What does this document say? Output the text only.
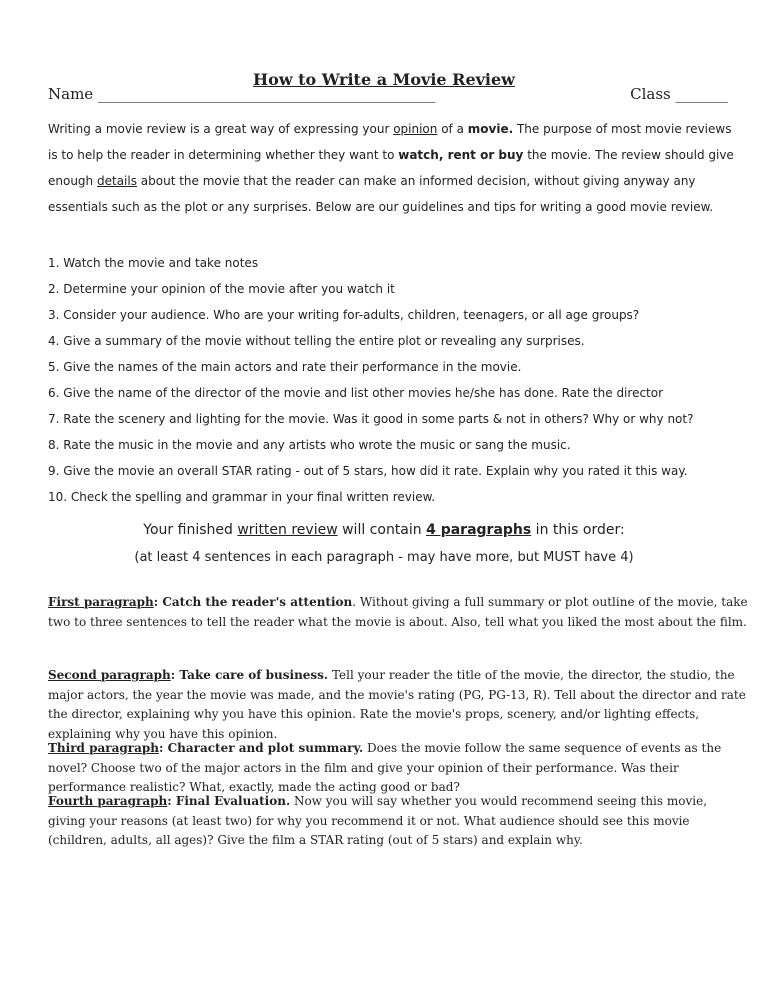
How to Write a Movie Review
Name _____________________________________________	Class _______
Writing a movie review is a great way of expressing your opinion of a movie. The purpose of most movie reviews is to help the reader in determining whether they want to watch, rent or buy the movie. The review should give enough details about the movie that the reader can make an informed decision, without giving anyway any essentials such as the plot or any surprises. Below are our guidelines and tips for writing a good movie review.
1. Watch the movie and take notes
2. Determine your opinion of the movie after you watch it
3. Consider your audience. Who are your writing for-adults, children, teenagers, or all age groups?
4. Give a summary of the movie without telling the entire plot or revealing any surprises.
5. Give the names of the main actors and rate their performance in the movie.
6. Give the name of the director of the movie and list other movies he/she has done. Rate the director
7. Rate the scenery and lighting for the movie. Was it good in some parts & not in others? Why or why not?
8. Rate the music in the movie and any artists who wrote the music or sang the music.
9. Give the movie an overall STAR rating - out of 5 stars, how did it rate. Explain why you rated it this way.
10. Check the spelling and grammar in your final written review.
Your finished written review will contain 4 paragraphs in this order:
(at least 4 sentences in each paragraph - may have more, but MUST have 4)
First paragraph: Catch the reader's attention. Without giving a full summary or plot outline of the movie, take two to three sentences to tell the reader what the movie is about. Also, tell what you liked the most about the film.
Second paragraph: Take care of business. Tell your reader the title of the movie, the director, the studio, the major actors, the year the movie was made, and the movie's rating (PG, PG-13, R). Tell about the director and rate the director, explaining why you have this opinion. Rate the movie's props, scenery, and/or lighting effects, explaining why you have this opinion.
Third paragraph: Character and plot summary. Does the movie follow the same sequence of events as the novel? Choose two of the major actors in the film and give your opinion of their performance. Was their performance realistic? What, exactly, made the acting good or bad?
Fourth paragraph: Final Evaluation. Now you will say whether you would recommend seeing this movie, giving your reasons (at least two) for why you recommend it or not. What audience should see this movie (children, adults, all ages)? Give the film a STAR rating (out of 5 stars) and explain why.
